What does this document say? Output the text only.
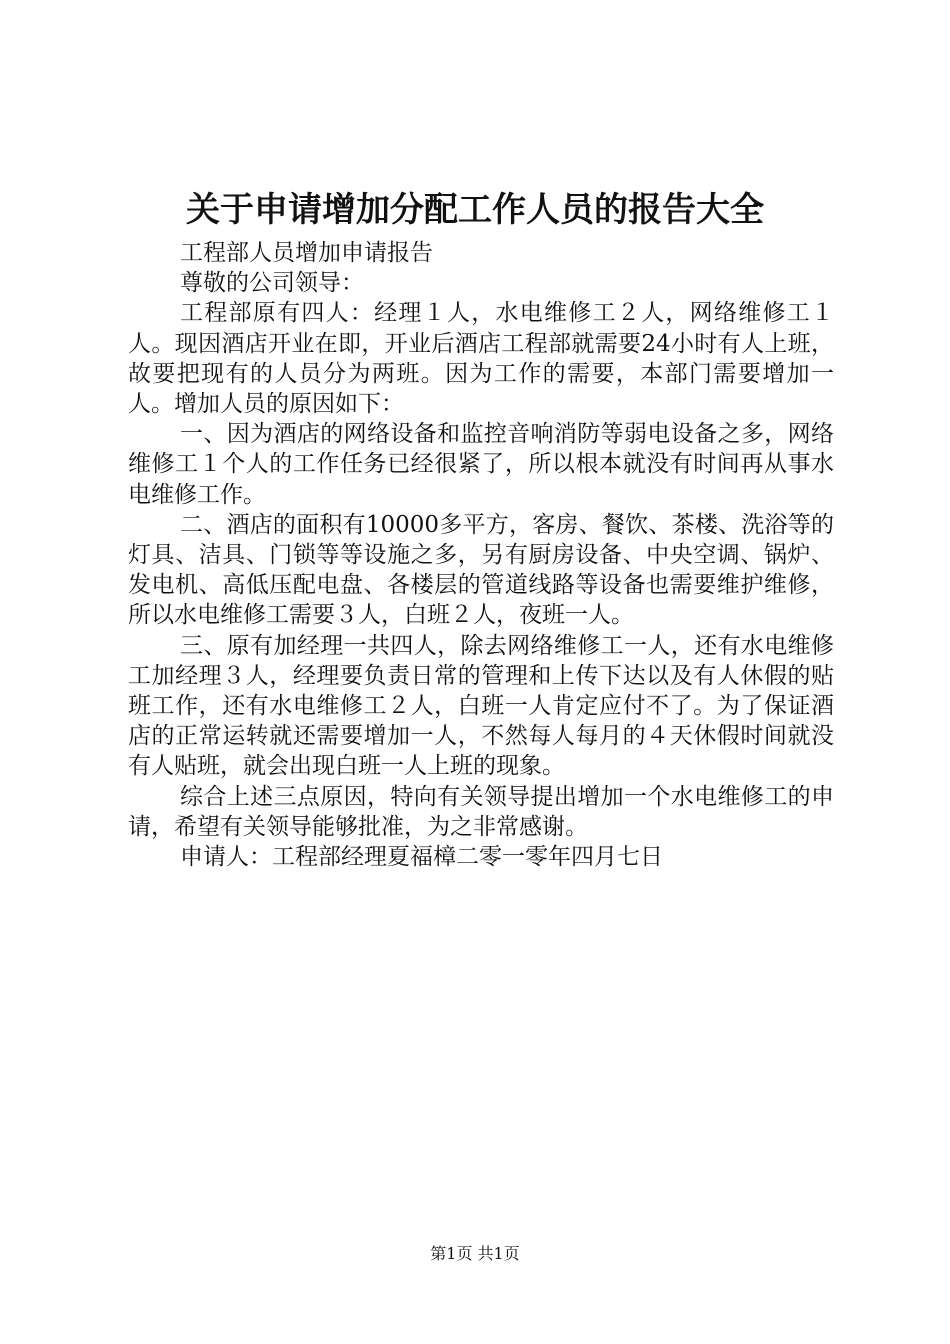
关于申请增加分配工作人员的报告大全

工程部人员增加申请报告

尊敬的公司领导：

工程部原有四人：经理１人，水电维修工２人，网络维修工１人。现因酒店开业在即，开业后酒店工程部就需要24小时有人上班，故要把现有的人员分为两班。因为工作的需要，本部门需要增加一人。增加人员的原因如下：

一、因为酒店的网络设备和监控音响消防等弱电设备之多，网络维修工１个人的工作任务已经很紧了，所以根本就没有时间再从事水电维修工作。

二、酒店的面积有10000多平方，客房、餐饮、茶楼、洗浴等的灯具、洁具、门锁等等设施之多，另有厨房设备、中央空调、锅炉、发电机、高低压配电盘、各楼层的管道线路等设备也需要维护维修，所以水电维修工需要３人，白班２人，夜班一人。

三、原有加经理一共四人，除去网络维修工一人，还有水电维修工加经理３人，经理要负责日常的管理和上传下达以及有人休假的贴班工作，还有水电维修工２人，白班一人肯定应付不了。为了保证酒店的正常运转就还需要增加一人，不然每人每月的４天休假时间就没有人贴班，就会出现白班一人上班的现象。

综合上述三点原因，特向有关领导提出增加一个水电维修工的申请，希望有关领导能够批准，为之非常感谢。

申请人：工程部经理夏福樟二零一零年四月七日

第1页 共1页
